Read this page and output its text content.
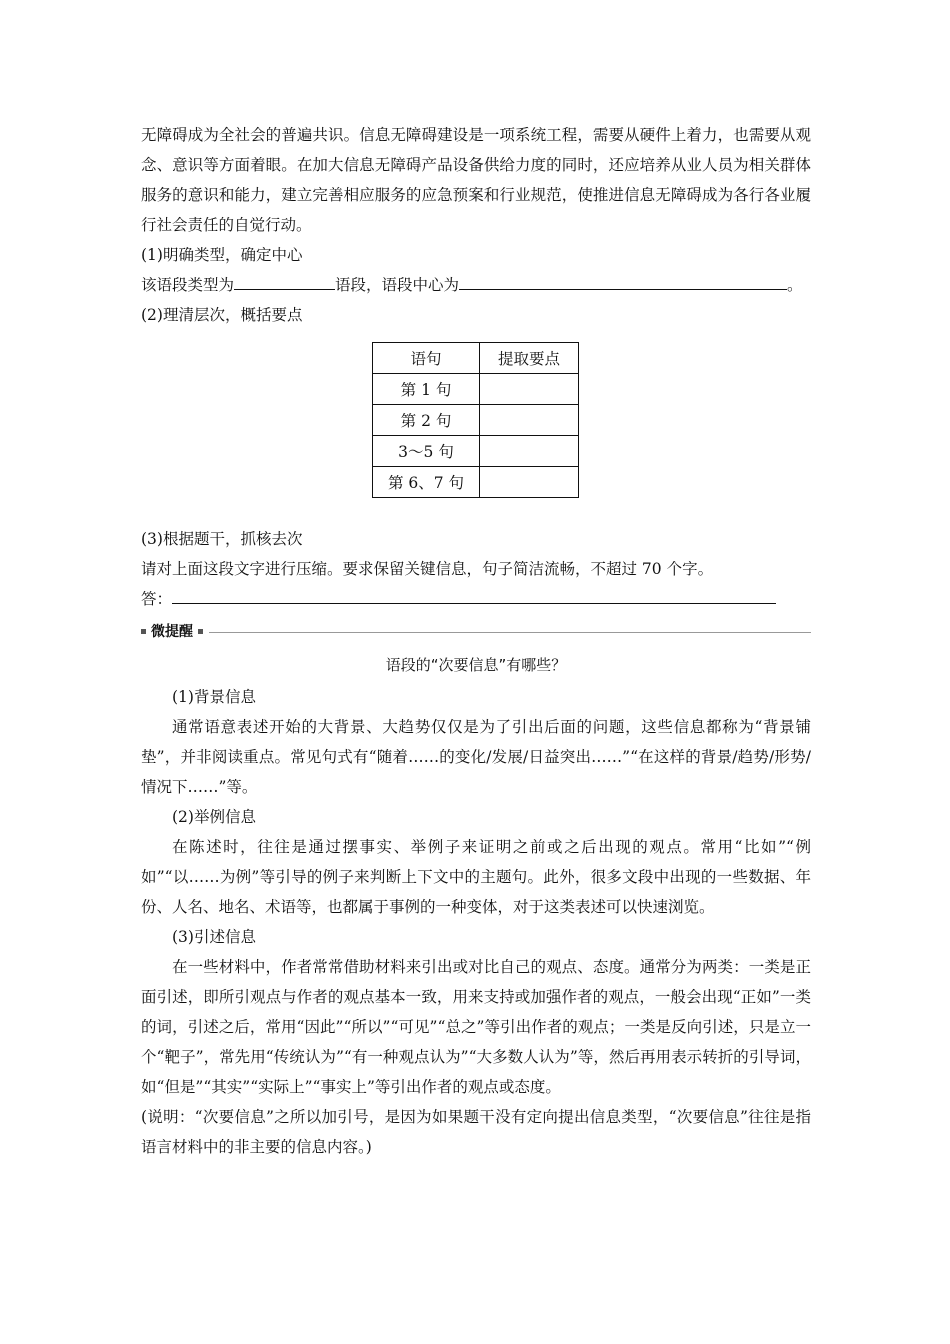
无障碍成为全社会的普遍共识。信息无障碍建设是一项系统工程，需要从硬件上着力，也需要从观念、意识等方面着眼。在加大信息无障碍产品设备供给力度的同时，还应培养从业人员为相关群体服务的意识和能力，建立完善相应服务的应急预案和行业规范，使推进信息无障碍成为各行各业履行社会责任的自觉行动。

(1)明确类型，确定中心

该语段类型为	语段，语段中心为	。

(2)理清层次，概括要点

语句	提取要点
第 1 句	
第 2 句	
3～5 句	
第 6、7 句	

(3)根据题干，抓核去次

请对上面这段文字进行压缩。要求保留关键信息，句子简洁流畅，不超过 70 个字。

答：

微提醒

语段的“次要信息”有哪些？

(1)背景信息

通常语意表述开始的大背景、大趋势仅仅是为了引出后面的问题，这些信息都称为“背景铺垫”，并非阅读重点。常见句式有“随着……的变化/发展/日益突出……”“在这样的背景/趋势/形势/情况下……”等。

(2)举例信息

在陈述时，往往是通过摆事实、举例子来证明之前或之后出现的观点。常用“比如”“例如”“以……为例”等引导的例子来判断上下文中的主题句。此外，很多文段中出现的一些数据、年份、人名、地名、术语等，也都属于事例的一种变体，对于这类表述可以快速浏览。

(3)引述信息

在一些材料中，作者常常借助材料来引出或对比自己的观点、态度。通常分为两类：一类是正面引述，即所引观点与作者的观点基本一致，用来支持或加强作者的观点，一般会出现“正如”一类的词，引述之后，常用“因此”“所以”“可见”“总之”等引出作者的观点；一类是反向引述，只是立一个“靶子”，常先用“传统认为”“有一种观点认为”“大多数人认为”等，然后再用表示转折的引导词，如“但是”“其实”“实际上”“事实上”等引出作者的观点或态度。

(说明：“次要信息”之所以加引号，是因为如果题干没有定向提出信息类型，“次要信息”往往是指语言材料中的非主要的信息内容。)
